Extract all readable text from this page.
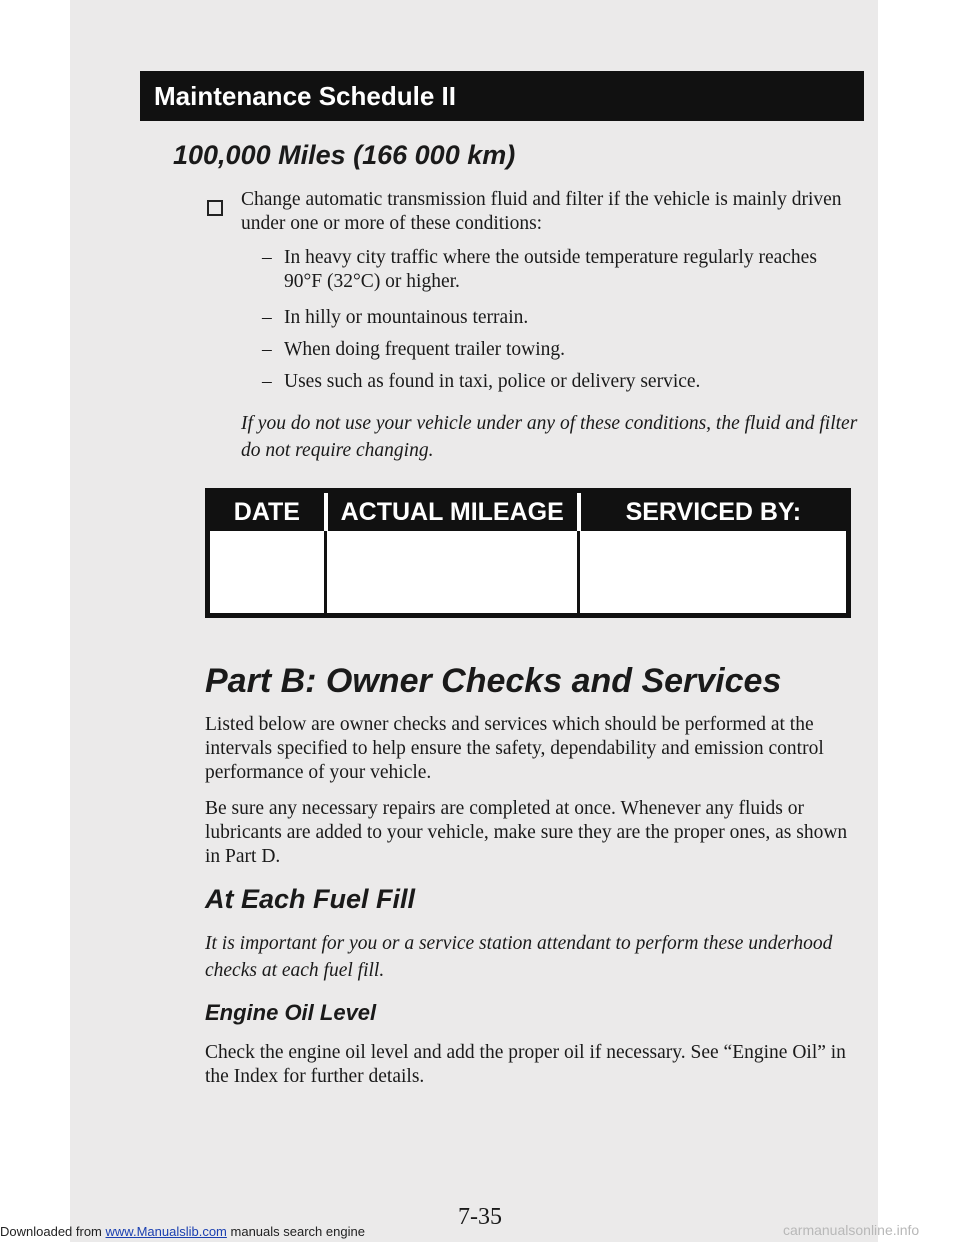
Maintenance Schedule II
100,000 Miles (166 000 km)
Change automatic transmission fluid and filter if the vehicle is mainly driven under one or more of these conditions:
– In heavy city traffic where the outside temperature regularly reaches 90°F (32°C) or higher.
– In hilly or mountainous terrain.
– When doing frequent trailer towing.
– Uses such as found in taxi, police or delivery service.
If you do not use your vehicle under any of these conditions, the fluid and filter do not require changing.
DATE	ACTUAL MILEAGE	SERVICED BY:

Part B: Owner Checks and Services
Listed below are owner checks and services which should be performed at the intervals specified to help ensure the safety, dependability and emission control performance of your vehicle.
Be sure any necessary repairs are completed at once. Whenever any fluids or lubricants are added to your vehicle, make sure they are the proper ones, as shown in Part D.
At Each Fuel Fill
It is important for you or a service station attendant to perform these underhood checks at each fuel fill.
Engine Oil Level
Check the engine oil level and add the proper oil if necessary. See “Engine Oil” in the Index for further details.
7-35
Downloaded from www.Manualslib.com manuals search engine	carmanualsonline.info
